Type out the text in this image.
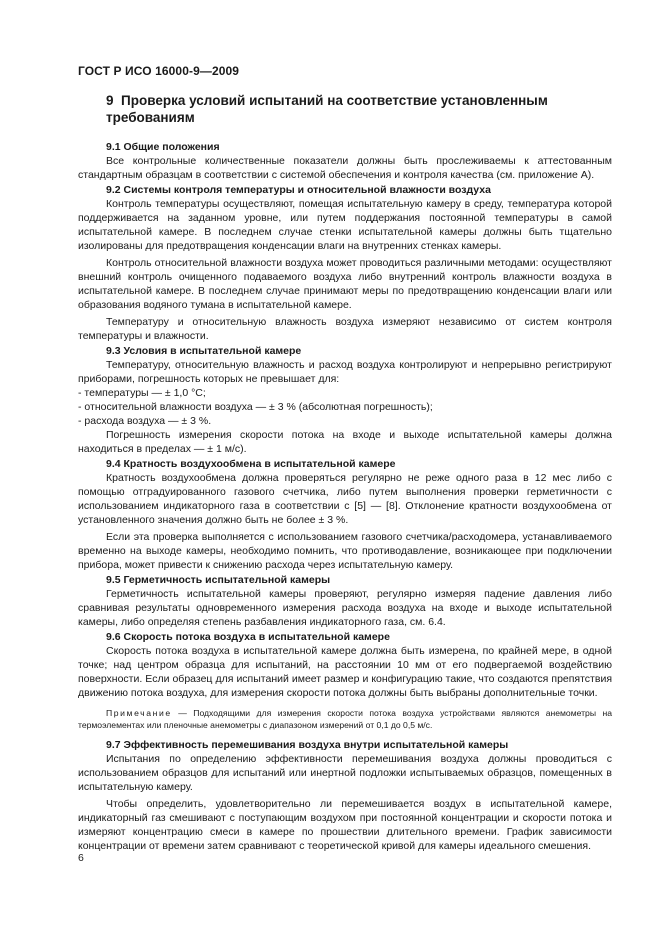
ГОСТ Р ИСО 16000-9—2009
9 Проверка условий испытаний на соответствие установленным требованиям

9.1 Общие положения

Все контрольные количественные показатели должны быть прослеживаемы к аттестованным стандартным образцам в соответствии с системой обеспечения и контроля качества (см. приложение А).

9.2 Системы контроля температуры и относительной влажности воздуха

Контроль температуры осуществляют, помещая испытательную камеру в среду, температура которой поддерживается на заданном уровне, или путем поддержания постоянной температуры в самой испытательной камере. В последнем случае стенки испытательной камеры должны быть тщательно изолированы для предотвращения конденсации влаги на внутренних стенках камеры.

Контроль относительной влажности воздуха может проводиться различными методами: осуществляют внешний контроль очищенного подаваемого воздуха либо внутренний контроль влажности воздуха в испытательной камере. В последнем случае принимают меры по предотвращению конденсации влаги или образования водяного тумана в испытательной камере.

Температуру и относительную влажность воздуха измеряют независимо от систем контроля температуры и влажности.

9.3 Условия в испытательной камере

Температуру, относительную влажность и расход воздуха контролируют и непрерывно регистрируют приборами, погрешность которых не превышает для:

- температуры — ± 1,0 °С;

- относительной влажности воздуха — ± 3 % (абсолютная погрешность);

- расхода воздуха — ± 3 %.

Погрешность измерения скорости потока на входе и выходе испытательной камеры должна находиться в пределах — ± 1 м/с).

9.4 Кратность воздухообмена в испытательной камере

Кратность воздухообмена должна проверяться регулярно не реже одного раза в 12 мес либо с помощью отградуированного газового счетчика, либо путем выполнения проверки герметичности с использованием индикаторного газа в соответствии с [5] — [8]. Отклонение кратности воздухообмена от установленного значения должно быть не более ± 3 %.

Если эта проверка выполняется с использованием газового счетчика/расходомера, устанавливаемого временно на выходе камеры, необходимо помнить, что противодавление, возникающее при подключении прибора, может привести к снижению расхода через испытательную камеру.

9.5 Герметичность испытательной камеры

Герметичность испытательной камеры проверяют, регулярно измеряя падение давления либо сравнивая результаты одновременного измерения расхода воздуха на входе и выходе испытательной камеры, либо определяя степень разбавления индикаторного газа, см. 6.4.

9.6 Скорость потока воздуха в испытательной камере

Скорость потока воздуха в испытательной камере должна быть измерена, по крайней мере, в одной точке; над центром образца для испытаний, на расстоянии 10 мм от его подвергаемой воздействию поверхности. Если образец для испытаний имеет размер и конфигурацию такие, что создаются препятствия движению потока воздуха, для измерения скорости потока должны быть выбраны дополнительные точки.

Примечание — Подходящими для измерения скорости потока воздуха устройствами являются анемометры на термоэлементах или пленочные анемометры с диапазоном измерений от 0,1 до 0,5 м/с.

9.7 Эффективность перемешивания воздуха внутри испытательной камеры

Испытания по определению эффективности перемешивания воздуха должны проводиться с использованием образцов для испытаний или инертной подложки испытываемых образцов, помещенных в испытательную камеру.

Чтобы определить, удовлетворительно ли перемешивается воздух в испытательной камере, индикаторный газ смешивают с поступающим воздухом при постоянной концентрации и скорости потока и измеряют концентрацию смеси в камере по прошествии длительного времени. График зависимости концентрации от времени затем сравнивают с теоретической кривой для камеры идеального смешения.

6
